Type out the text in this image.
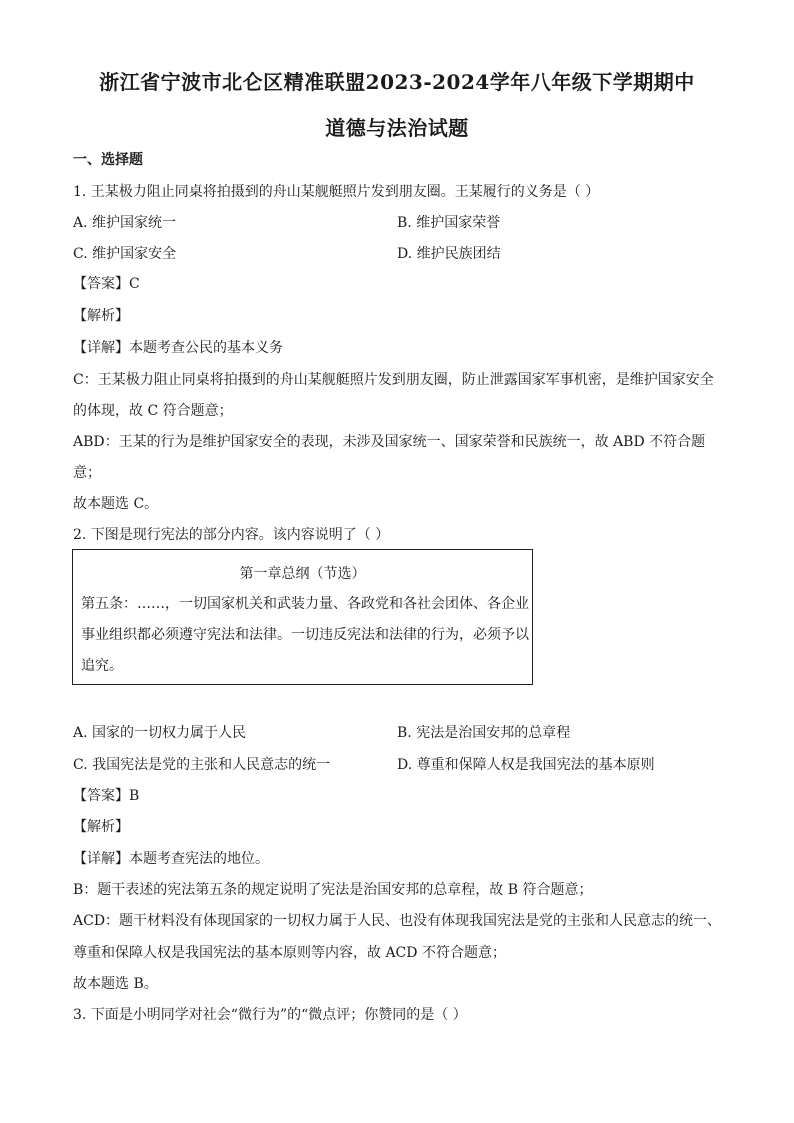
浙江省宁波市北仑区精准联盟2023-2024学年八年级下学期期中
道德与法治试题
一、选择题
1. 王某极力阻止同桌将拍摄到的舟山某舰艇照片发到朋友圈。王某履行的义务是（ ）
A. 维护国家统一	B. 维护国家荣誉
C. 维护国家安全	D. 维护民族团结
【答案】C
【解析】
【详解】本题考查公民的基本义务
C：王某极力阻止同桌将拍摄到的舟山某舰艇照片发到朋友圈，防止泄露国家军事机密，是维护国家安全
的体现，故 C 符合题意；
ABD：王某的行为是维护国家安全的表现，未涉及国家统一、国家荣誉和民族统一，故 ABD 不符合题
意；
故本题选 C。
2. 下图是现行宪法的部分内容。该内容说明了（ ）
第一章总纲（节选）
第五条：……，一切国家机关和武装力量、各政党和各社会团体、各企业
事业组织都必须遵守宪法和法律。一切违反宪法和法律的行为，必须予以
追究。
A. 国家的一切权力属于人民	B. 宪法是治国安邦的总章程
C. 我国宪法是党的主张和人民意志的统一	D. 尊重和保障人权是我国宪法的基本原则
【答案】B
【解析】
【详解】本题考查宪法的地位。
B：题干表述的宪法第五条的规定说明了宪法是治国安邦的总章程，故 B 符合题意；
ACD：题干材料没有体现国家的一切权力属于人民、也没有体现我国宪法是党的主张和人民意志的统一、
尊重和保障人权是我国宪法的基本原则等内容，故 ACD 不符合题意；
故本题选 B。
3. 下面是小明同学对社会“微行为”的“微点评；你赞同的是（ ）
